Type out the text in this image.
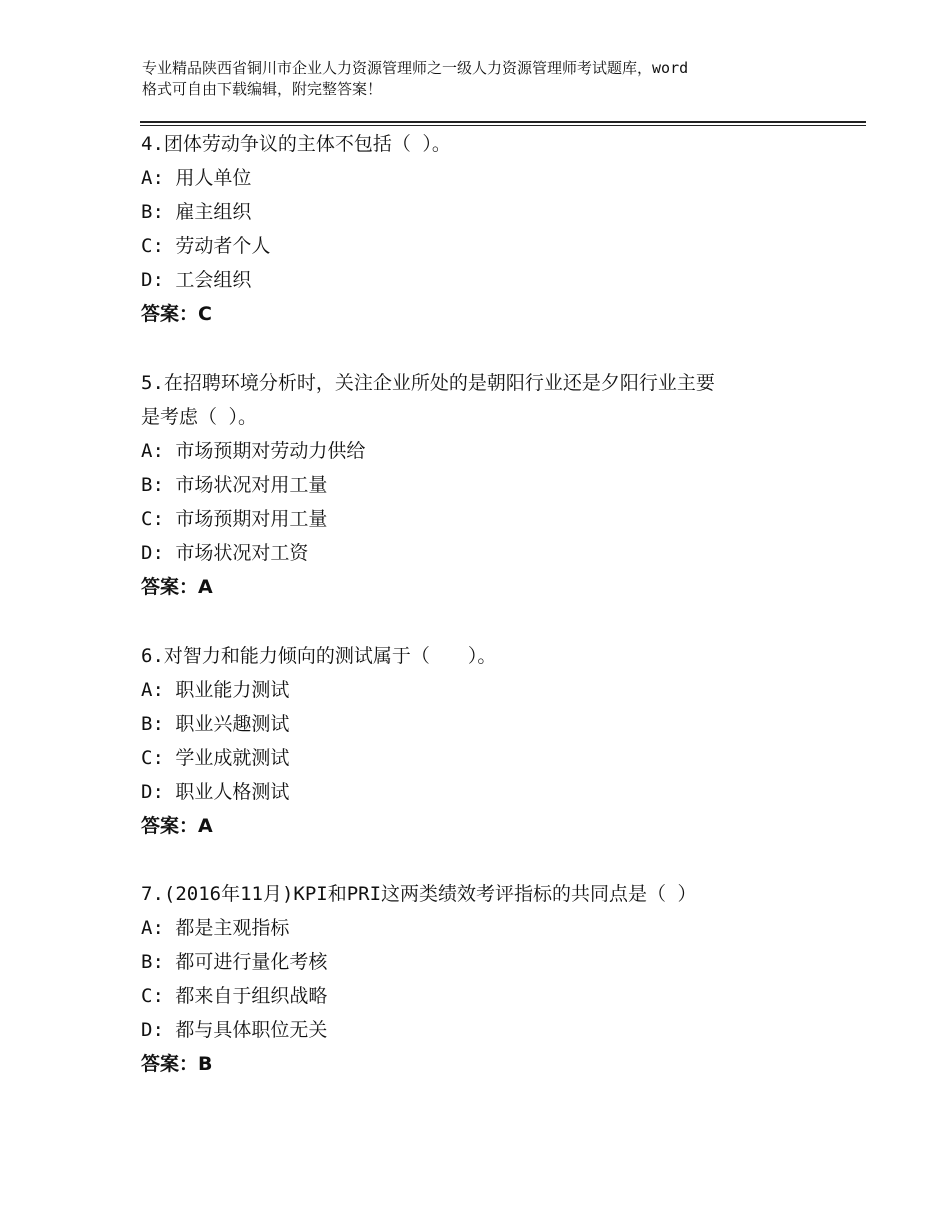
专业精品陕西省铜川市企业人力资源管理师之一级人力资源管理师考试题库，word
格式可自由下载编辑，附完整答案！
4.团体劳动争议的主体不包括（ ）。
A: 用人单位
B: 雇主组织
C: 劳动者个人
D: 工会组织
答案：C
5.在招聘环境分析时，关注企业所处的是朝阳行业还是夕阳行业主要
是考虑（ ）。
A: 市场预期对劳动力供给
B: 市场状况对用工量
C: 市场预期对用工量
D: 市场状况对工资
答案：A
6.对智力和能力倾向的测试属于（　　）。
A: 职业能力测试
B: 职业兴趣测试
C: 学业成就测试
D: 职业人格测试
答案：A
7.(2016年11月)KPI和PRI这两类绩效考评指标的共同点是（ ）
A: 都是主观指标
B: 都可进行量化考核
C: 都来自于组织战略
D: 都与具体职位无关
答案：B
